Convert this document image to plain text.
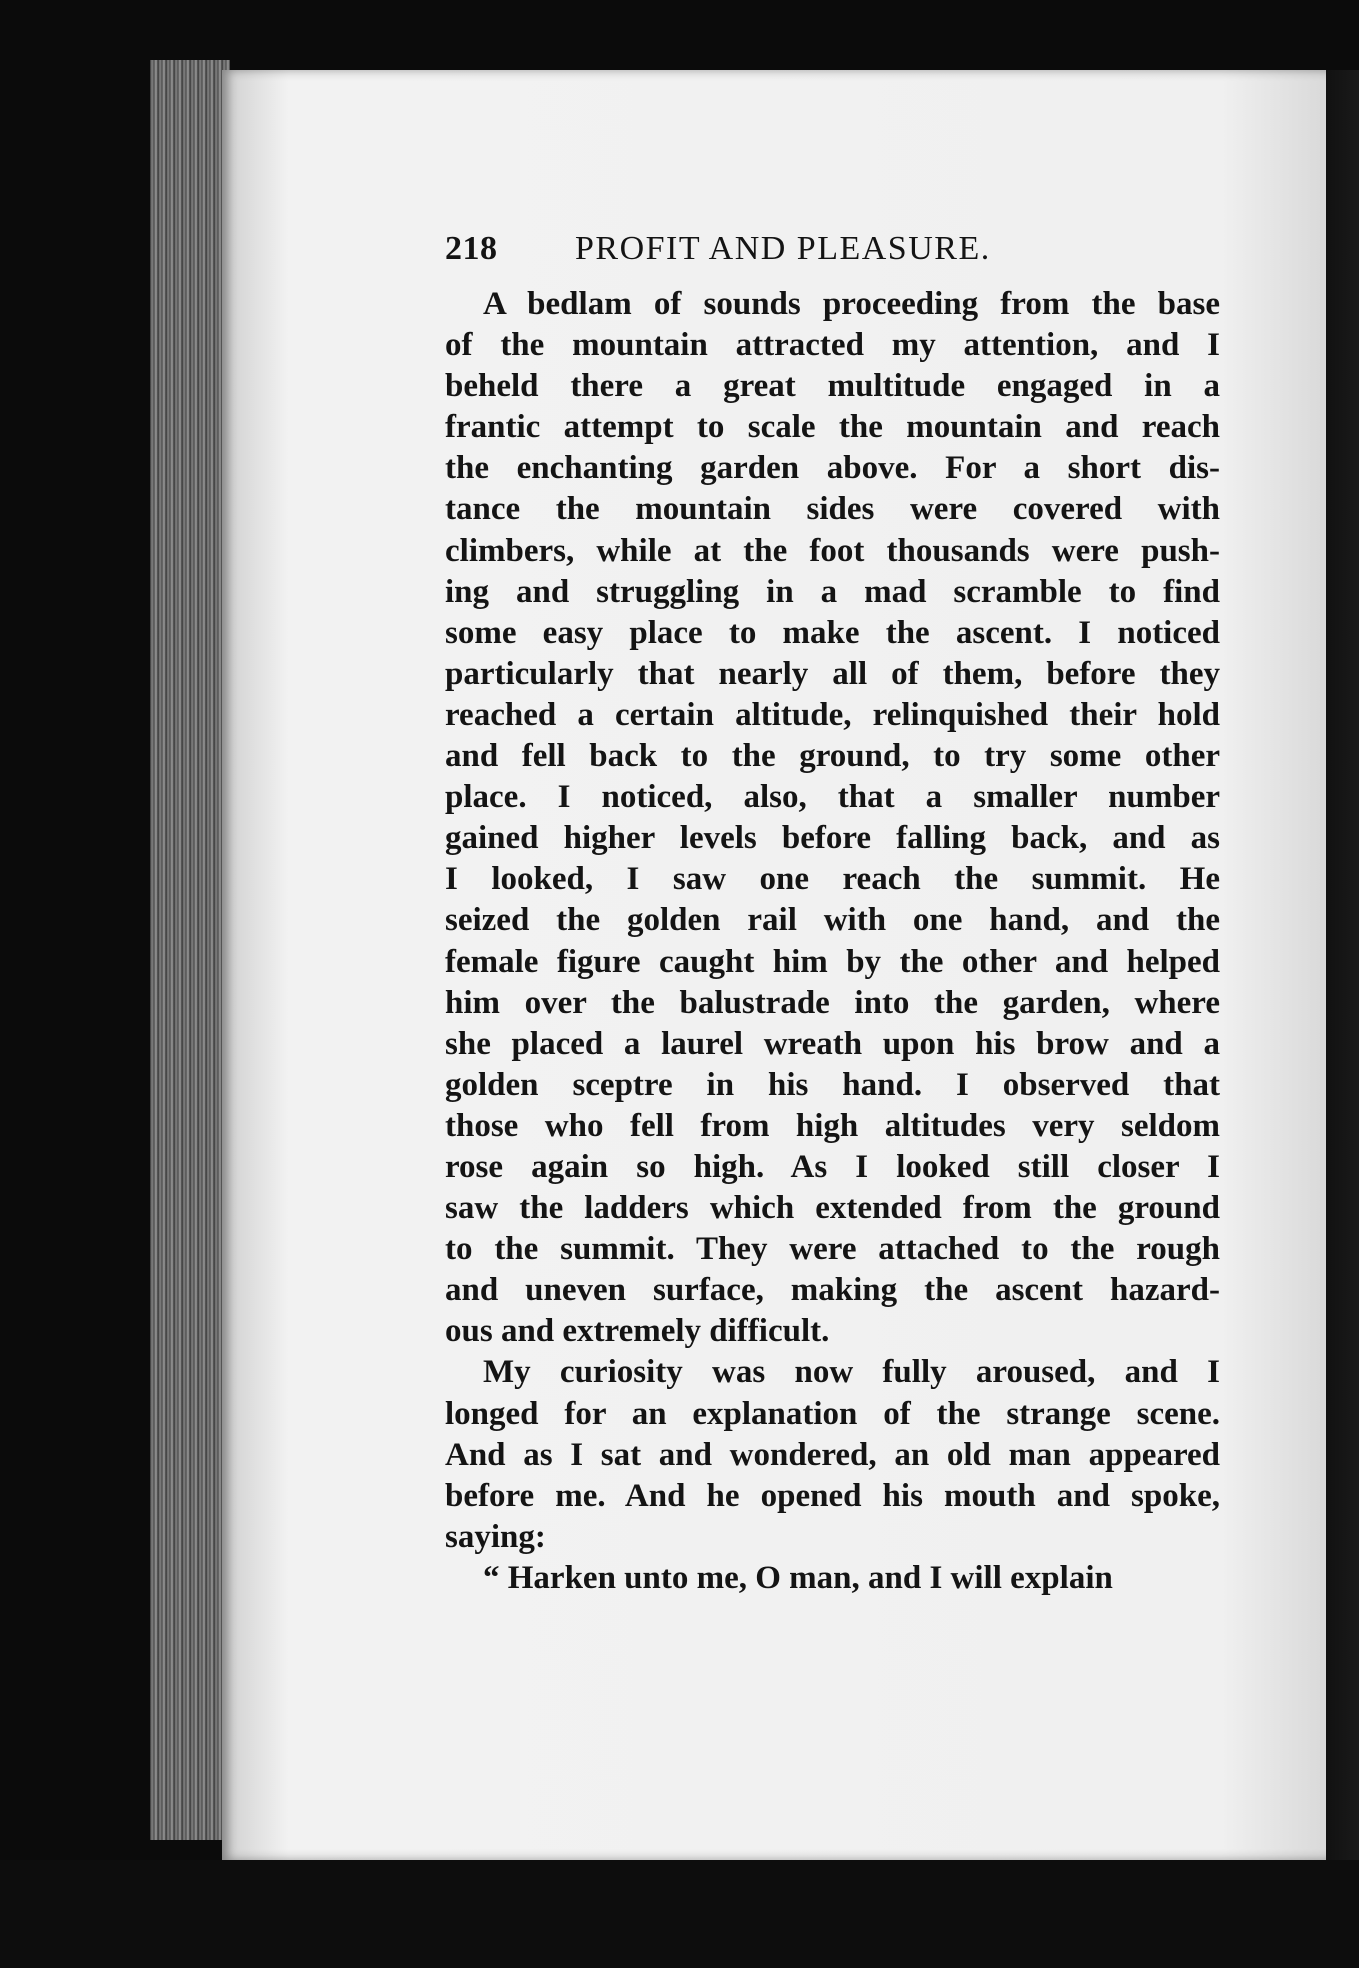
218	PROFIT AND PLEASURE.

A bedlam of sounds proceeding from the base
of the mountain attracted my attention, and I
beheld there a great multitude engaged in a
frantic attempt to scale the mountain and reach
the enchanting garden above. For a short dis-
tance the mountain sides were covered with
climbers, while at the foot thousands were push-
ing and struggling in a mad scramble to find
some easy place to make the ascent. I noticed
particularly that nearly all of them, before they
reached a certain altitude, relinquished their hold
and fell back to the ground, to try some other
place. I noticed, also, that a smaller number
gained higher levels before falling back, and as
I looked, I saw one reach the summit. He
seized the golden rail with one hand, and the
female figure caught him by the other and helped
him over the balustrade into the garden, where
she placed a laurel wreath upon his brow and a
golden sceptre in his hand. I observed that
those who fell from high altitudes very seldom
rose again so high. As I looked still closer I
saw the ladders which extended from the ground
to the summit. They were attached to the rough
and uneven surface, making the ascent hazard-
ous and extremely difficult.

My curiosity was now fully aroused, and I
longed for an explanation of the strange scene.
And as I sat and wondered, an old man appeared
before me. And he opened his mouth and spoke,
saying:

“ Harken unto me, O man, and I will explain
